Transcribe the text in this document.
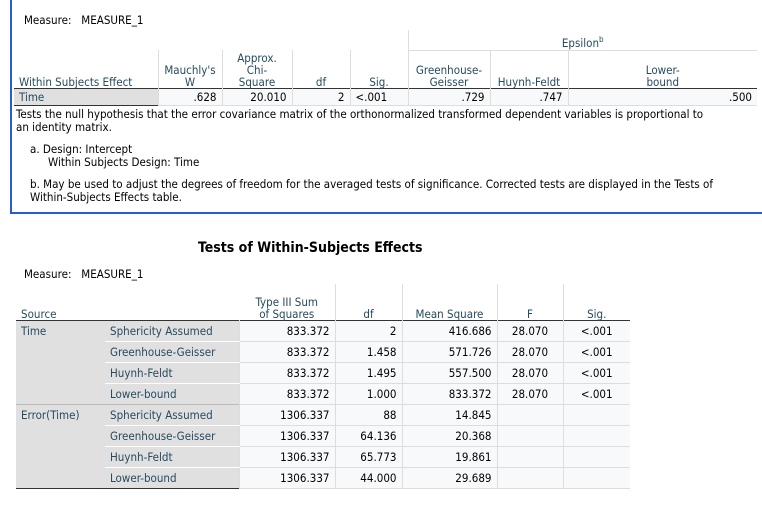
Measure: MEASURE_1
					Epsilon$^b$
Within Subjects Effect	Mauchly's W	Approx. Chi-
Square	df	Sig.	Greenhouse-
Geisser	Huynh-Feldt	Lower-
bound
Time	.628	20.010	2	<.001	.729	.747	.500
Tests the null hypothesis that the error covariance matrix of the orthonormalized transformed dependent variables is proportional to an identity matrix.
a. Design: Intercept
Within Subjects Design: Time
b. May be used to adjust the degrees of freedom for the averaged tests of significance. Corrected tests are displayed in the Tests of Within-Subjects Effects table.
Tests of Within-Subjects Effects
Measure: MEASURE_1
Source		Type III Sum
of Squares	df	Mean Square	F	Sig.
Time	Sphericity Assumed	833.372	2	416.686	28.070	<.001
	Greenhouse-Geisser	833.372	1.458	571.726	28.070	<.001
	Huynh-Feldt	833.372	1.495	557.500	28.070	<.001
	Lower-bound	833.372	1.000	833.372	28.070	<.001
Error(Time)	Sphericity Assumed	1306.337	88	14.845		
	Greenhouse-Geisser	1306.337	64.136	20.368		
	Huynh-Feldt	1306.337	65.773	19.861		
	Lower-bound	1306.337	44.000	29.689		
